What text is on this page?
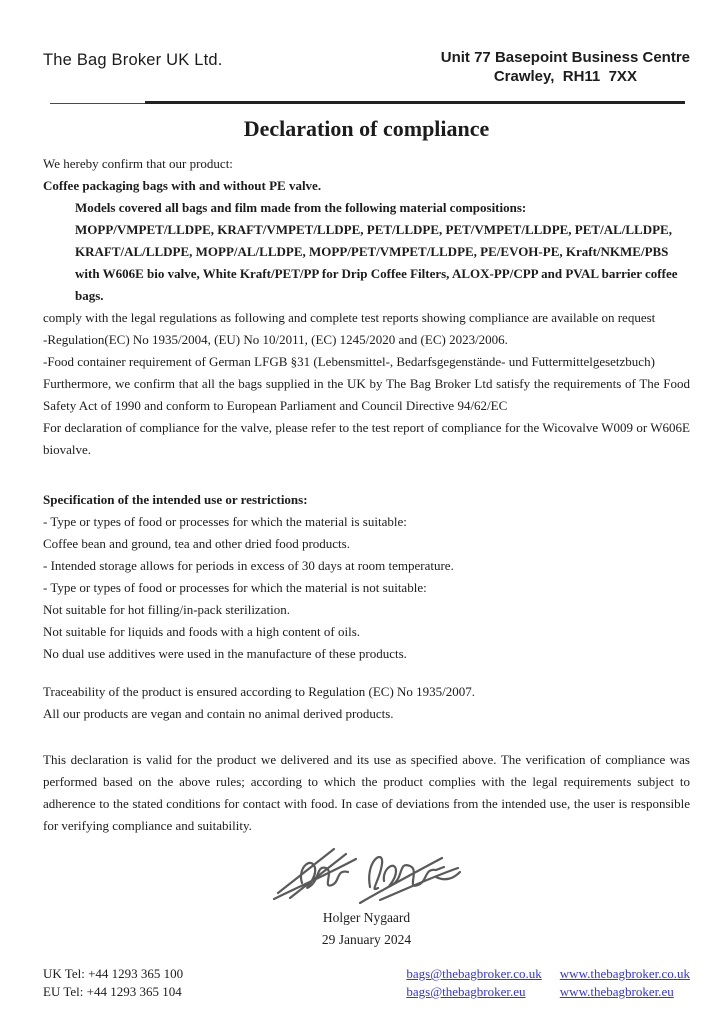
The Bag Broker UK Ltd.	Unit 77 Basepoint Business Centre
Crawley,  RH11  7XX
Declaration of compliance
We hereby confirm that our product:
Coffee packaging bags with and without PE valve.
Models covered all bags and film made from the following material compositions:
MOPP/VMPET/LLDPE, KRAFT/VMPET/LLDPE, PET/LLDPE, PET/VMPET/LLDPE, PET/AL/LLDPE, KRAFT/AL/LLDPE, MOPP/AL/LLDPE, MOPP/PET/VMPET/LLDPE, PE/EVOH-PE, Kraft/NKME/PBS with W606E bio valve, White Kraft/PET/PP for Drip Coffee Filters, ALOX-PP/CPP and PVAL barrier coffee bags.
comply with the legal regulations as following and complete test reports showing compliance are available on request
-Regulation(EC) No 1935/2004, (EU) No 10/2011, (EC) 1245/2020 and (EC) 2023/2006.
-Food container requirement of German LFGB §31 (Lebensmittel-, Bedarfsgegenstände- und Futtermittelgesetzbuch)
Furthermore, we confirm that all the bags supplied in the UK by The Bag Broker Ltd satisfy the requirements of The Food Safety Act of 1990 and conform to European Parliament and Council Directive 94/62/EC
For declaration of compliance for the valve, please refer to the test report of compliance for the Wicovalve W009 or W606E biovalve.
Specification of the intended use or restrictions:
- Type or types of food or processes for which the material is suitable:
Coffee bean and ground, tea and other dried food products.
- Intended storage allows for periods in excess of 30 days at room temperature.
- Type or types of food or processes for which the material is not suitable:
Not suitable for hot filling/in-pack sterilization.
Not suitable for liquids and foods with a high content of oils.
No dual use additives were used in the manufacture of these products.
Traceability of the product is ensured according to Regulation (EC) No 1935/2007.
All our products are vegan and contain no animal derived products.
This declaration is valid for the product we delivered and its use as specified above. The verification of compliance was performed based on the above rules; according to which the product complies with the legal requirements subject to adherence to the stated conditions for contact with food. In case of deviations from the intended use, the user is responsible for verifying compliance and suitability.
Holger Nygaard
29 January 2024
UK Tel: +44 1293 365 100
EU Tel: +44 1293 365 104
bags@thebagbroker.co.uk
bags@thebagbroker.eu
www.thebagbroker.co.uk
www.thebagbroker.eu
